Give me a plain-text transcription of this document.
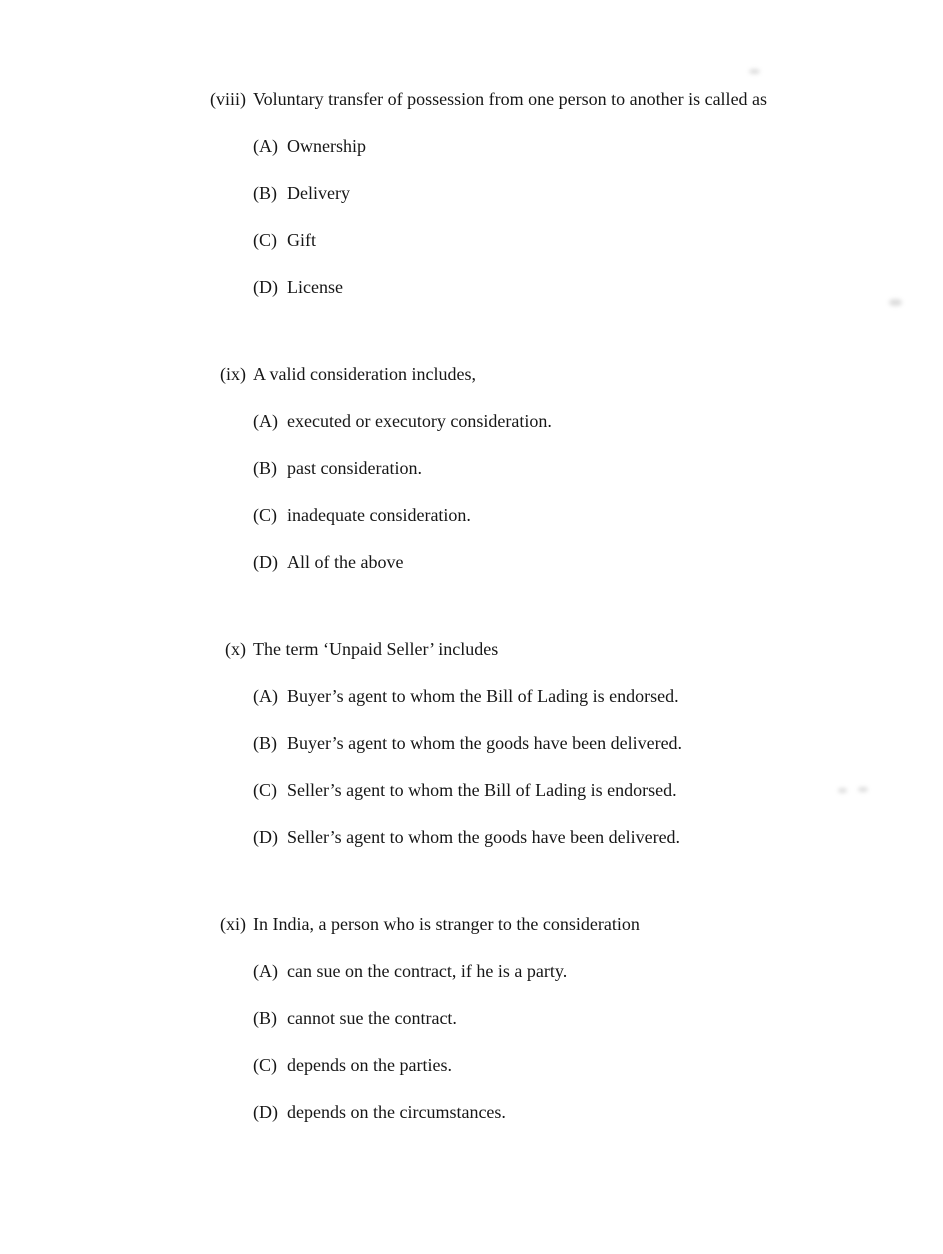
(viii) Voluntary transfer of possession from one person to another is called as
(A) Ownership
(B) Delivery
(C) Gift
(D) License
(ix) A valid consideration includes,
(A) executed or executory consideration.
(B) past consideration.
(C) inadequate consideration.
(D) All of the above
(x) The term ‘Unpaid Seller’ includes
(A) Buyer’s agent to whom the Bill of Lading is endorsed.
(B) Buyer’s agent to whom the goods have been delivered.
(C) Seller’s agent to whom the Bill of Lading is endorsed.
(D) Seller’s agent to whom the goods have been delivered.
(xi) In India, a person who is stranger to the consideration
(A) can sue on the contract, if he is a party.
(B) cannot sue the contract.
(C) depends on the parties.
(D) depends on the circumstances.
